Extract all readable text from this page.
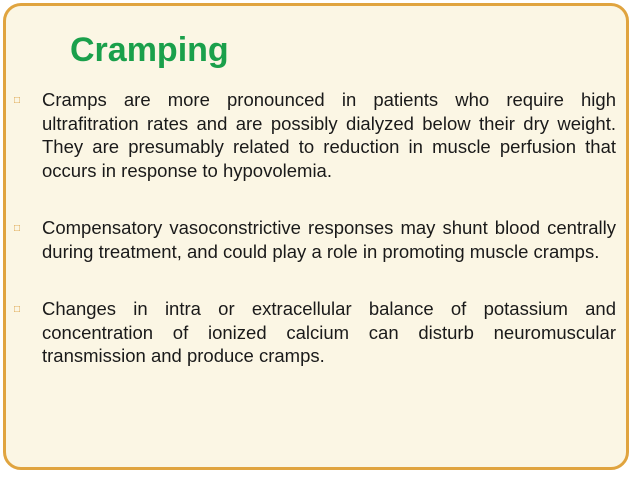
Cramping
□ Cramps are more pronounced in patients who require high ultrafitration rates and are possibly dialyzed below their dry weight. They are presumably related to reduction in muscle perfusion that occurs in response to hypovolemia.
□ Compensatory vasoconstrictive responses may shunt blood centrally during treatment, and could play a role in promoting muscle cramps.
□ Changes in intra or extracellular balance of potassium and concentration of ionized calcium can disturb neuromuscular transmission and produce cramps.
